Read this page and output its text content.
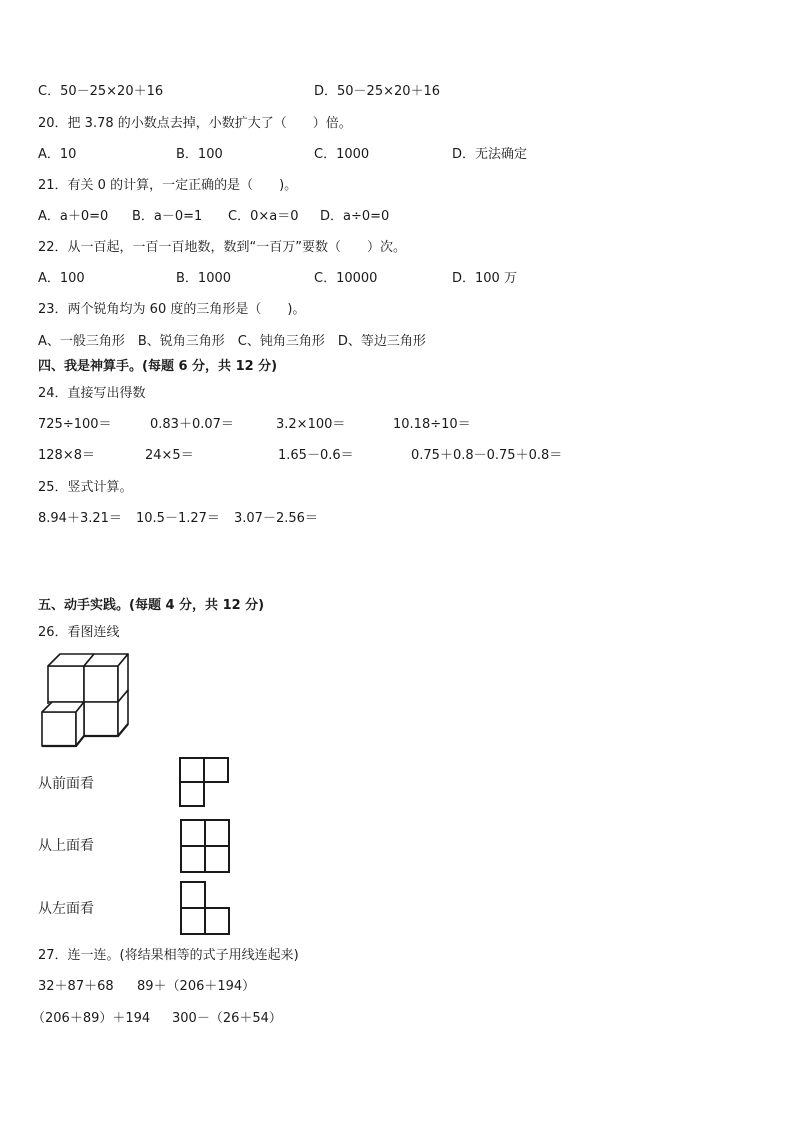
C．50－25×20＋16	D．50－25×20＋16
20．把 3.78 的小数点去掉，小数扩大了（　　）倍。
A．10	B．100	C．1000	D．无法确定
21．有关 0 的计算，一定正确的是（　　)。
A．a＋0=0 B．a－0=1 C．0×a＝0 D．a÷0=0
22．从一百起，一百一百地数，数到“一百万”要数（　　）次。
A．100	B．1000	C．10000	D．100 万
23．两个锐角均为 60 度的三角形是（　　)。
A、一般三角形　B、锐角三角形　C、钝角三角形　D、等边三角形
四、我是神算手。(每题 6 分，共 12 分)
24．直接写出得数
725÷100＝	0.83＋0.07＝	3.2×100＝	10.18÷10＝
128×8＝	24×5＝	1.65－0.6＝	0.75＋0.8－0.75＋0.8＝
25．竖式计算。
8.94＋3.21＝ 10.5－1.27＝ 3.07－2.56＝
五、动手实践。(每题 4 分，共 12 分)
26．看图连线
从前面看
从上面看
从左面看
27．连一连。(将结果相等的式子用线连起来)
32＋87＋68 89＋（206＋194）
（206＋89）＋194 300－（26＋54）
